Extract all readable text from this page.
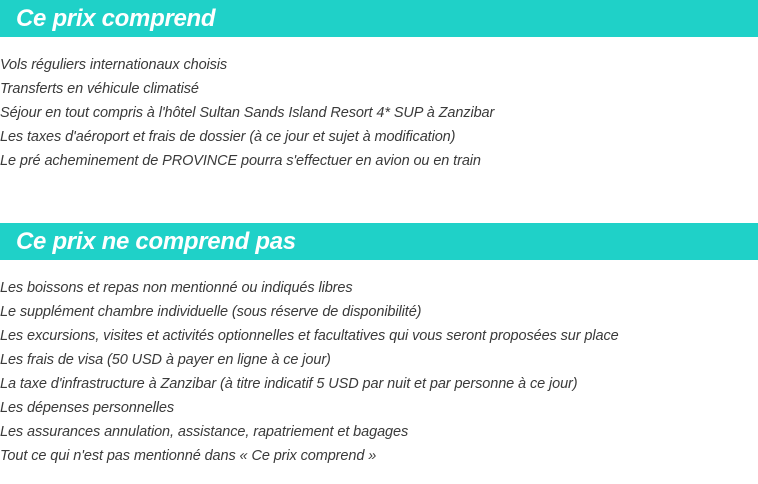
Ce prix comprend
Vols réguliers internationaux choisis
Transferts en véhicule climatisé
Séjour en tout compris à l'hôtel Sultan Sands Island Resort 4* SUP à Zanzibar
Les taxes d'aéroport et frais de dossier (à ce jour et sujet à modification)
Le pré acheminement de PROVINCE pourra s'effectuer en avion ou en train
Ce prix ne comprend pas
Les boissons et repas non mentionné ou indiqués libres
Le supplément chambre individuelle (sous réserve de disponibilité)
Les excursions, visites et activités optionnelles et facultatives qui vous seront proposées sur place
Les frais de visa (50 USD à payer en ligne à ce jour)
La taxe d'infrastructure à Zanzibar (à titre indicatif 5 USD par nuit et par personne à ce jour)
Les dépenses personnelles
Les assurances annulation, assistance, rapatriement et bagages
Tout ce qui n'est pas mentionné dans « Ce prix comprend »
